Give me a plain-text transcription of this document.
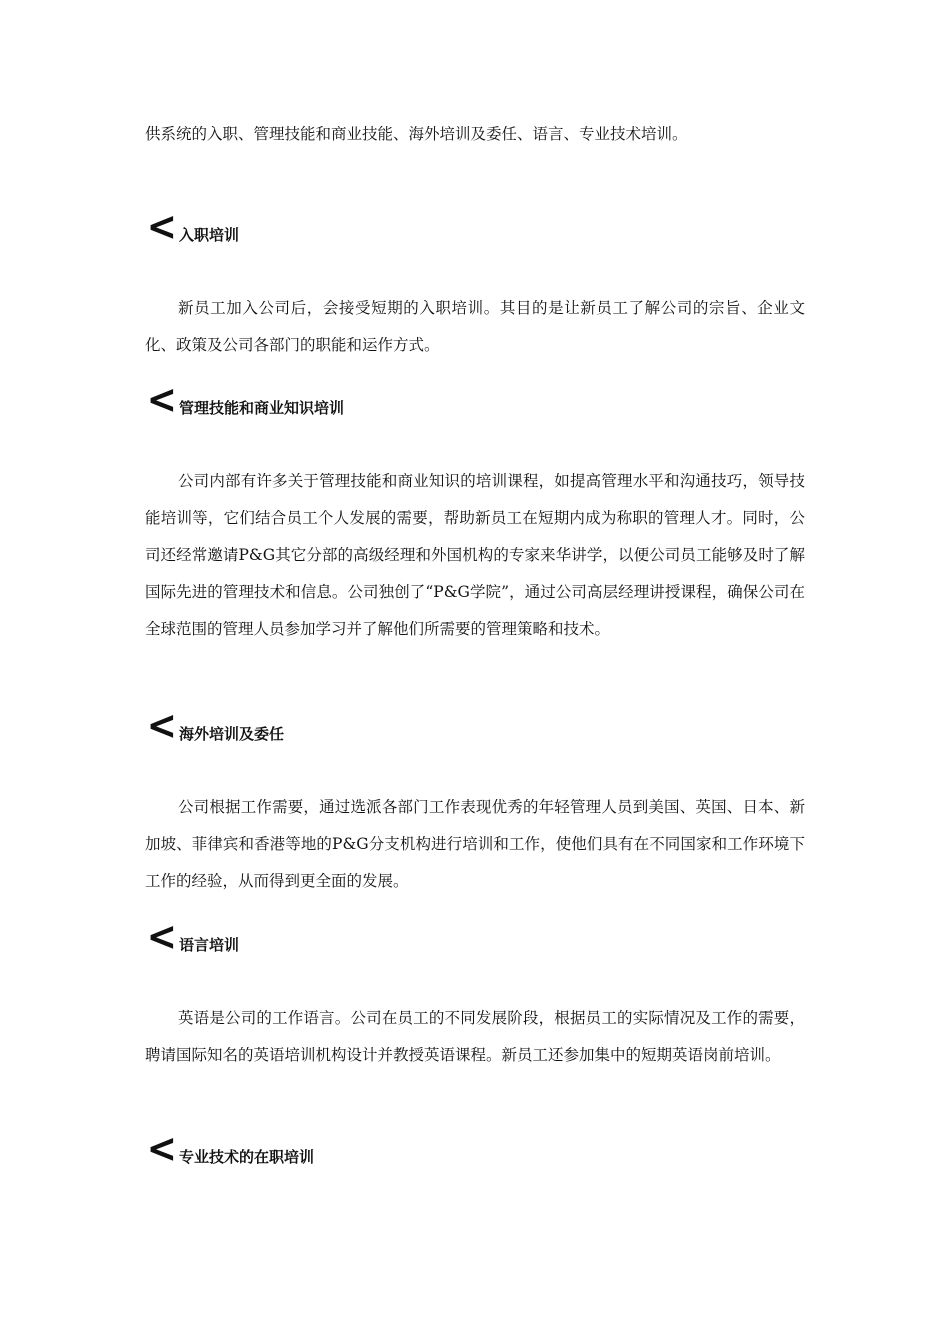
供系统的入职、管理技能和商业技能、海外培训及委任、语言、专业技术培训。

< 入职培训

新员工加入公司后，会接受短期的入职培训。其目的是让新员工了解公司的宗旨、企业文化、政策及公司各部门的职能和运作方式。

< 管理技能和商业知识培训

公司内部有许多关于管理技能和商业知识的培训课程，如提高管理水平和沟通技巧，领导技能培训等，它们结合员工个人发展的需要，帮助新员工在短期内成为称职的管理人才。同时，公司还经常邀请P&G其它分部的高级经理和外国机构的专家来华讲学，以便公司员工能够及时了解国际先进的管理技术和信息。公司独创了“P&G学院”，通过公司高层经理讲授课程，确保公司在全球范围的管理人员参加学习并了解他们所需要的管理策略和技术。

< 海外培训及委任

公司根据工作需要，通过选派各部门工作表现优秀的年轻管理人员到美国、英国、日本、新加坡、菲律宾和香港等地的P&G分支机构进行培训和工作，使他们具有在不同国家和工作环境下工作的经验，从而得到更全面的发展。

< 语言培训

英语是公司的工作语言。公司在员工的不同发展阶段，根据员工的实际情况及工作的需要，聘请国际知名的英语培训机构设计并教授英语课程。新员工还参加集中的短期英语岗前培训。

< 专业技术的在职培训
